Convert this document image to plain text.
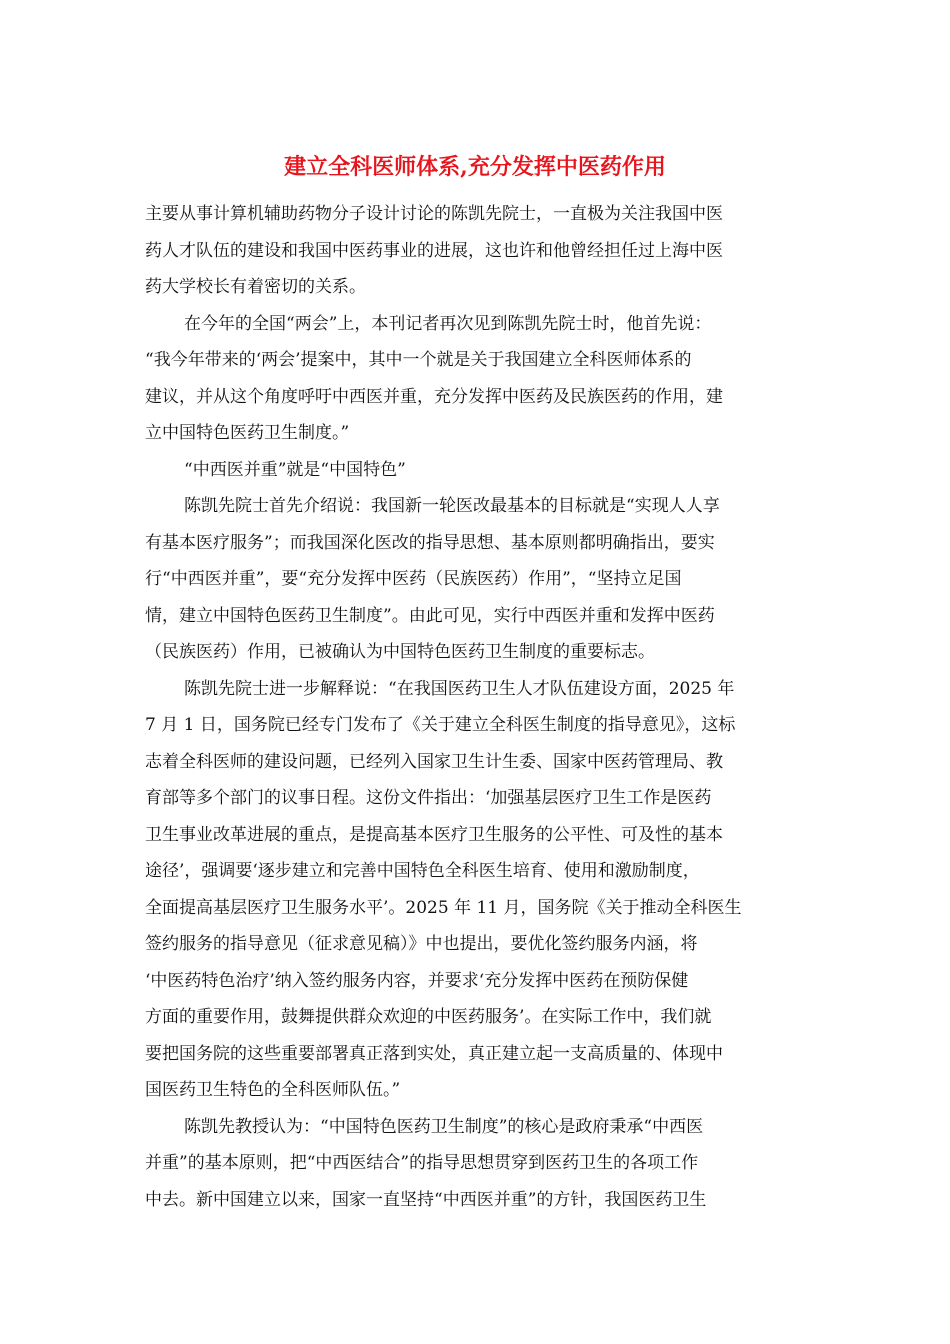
建立全科医师体系,充分发挥中医药作用
主要从事计算机辅助药物分子设计讨论的陈凯先院士，一直极为关注我国中医
药人才队伍的建设和我国中医药事业的进展，这也许和他曾经担任过上海中医
药大学校长有着密切的关系。
在今年的全国“两会”上，本刊记者再次见到陈凯先院士时，他首先说：
“我今年带来的‘两会’提案中，其中一个就是关于我国建立全科医师体系的
建议，并从这个角度呼吁中西医并重，充分发挥中医药及民族医药的作用，建
立中国特色医药卫生制度。”
“中西医并重”就是“中国特色”
陈凯先院士首先介绍说：我国新一轮医改最基本的目标就是“实现人人享
有基本医疗服务”；而我国深化医改的指导思想、基本原则都明确指出，要实
行“中西医并重”，要“充分发挥中医药（民族医药）作用”，“坚持立足国
情，建立中国特色医药卫生制度”。由此可见，实行中西医并重和发挥中医药
（民族医药）作用，已被确认为中国特色医药卫生制度的重要标志。
陈凯先院士进一步解释说：“在我国医药卫生人才队伍建设方面，2025 年
7 月 1 日，国务院已经专门发布了《关于建立全科医生制度的指导意见》，这标
志着全科医师的建设问题，已经列入国家卫生计生委、国家中医药管理局、教
育部等多个部门的议事日程。这份文件指出：‘加强基层医疗卫生工作是医药
卫生事业改革进展的重点，是提高基本医疗卫生服务的公平性、可及性的基本
途径’，强调要‘逐步建立和完善中国特色全科医生培育、使用和激励制度，
全面提高基层医疗卫生服务水平’。2025 年 11 月，国务院《关于推动全科医生
签约服务的指导意见（征求意见稿）》中也提出，要优化签约服务内涵，将
‘中医药特色治疗’纳入签约服务内容，并要求‘充分发挥中医药在预防保健
方面的重要作用，鼓舞提供群众欢迎的中医药服务’。在实际工作中，我们就
要把国务院的这些重要部署真正落到实处，真正建立起一支高质量的、体现中
国医药卫生特色的全科医师队伍。”
陈凯先教授认为：“中国特色医药卫生制度”的核心是政府秉承“中西医
并重”的基本原则，把“中西医结合”的指导思想贯穿到医药卫生的各项工作
中去。新中国建立以来，国家一直坚持“中西医并重”的方针，我国医药卫生
